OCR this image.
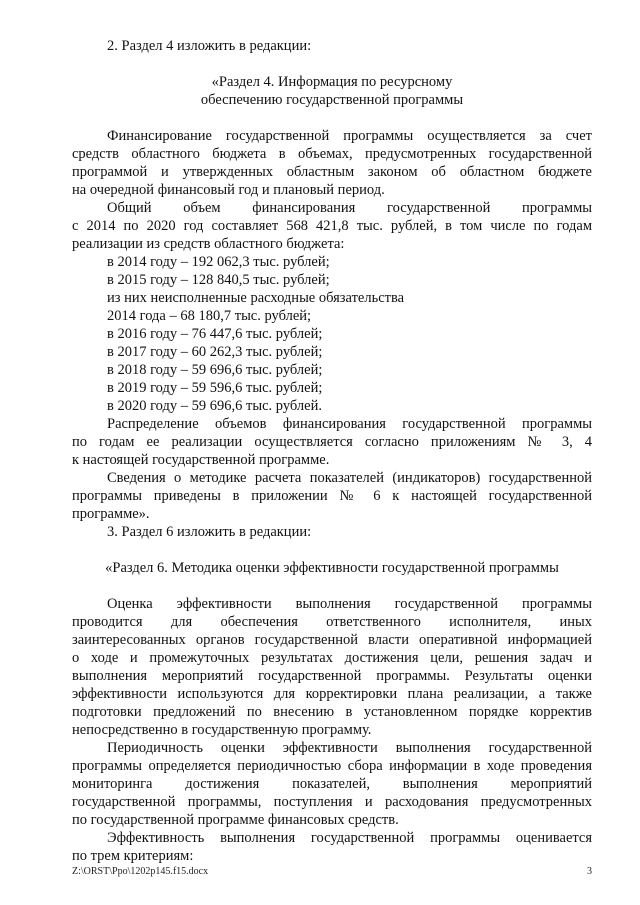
2. Раздел 4 изложить в редакции:
«Раздел 4. Информация по ресурсному
обеспечению государственной программы
Финансирование государственной программы осуществляется за счет
средств областного бюджета в объемах, предусмотренных государственной
программой и утвержденных областным законом об областном бюджете
на очередной финансовый год и плановый период.
Общий объем финансирования государственной программы
с 2014 по 2020 год составляет 568 421,8 тыс. рублей, в том числе по годам
реализации из средств областного бюджета:
в 2014 году – 192 062,3 тыс. рублей;
в 2015 году – 128 840,5 тыс. рублей;
из них неисполненные расходные обязательства
2014 года – 68 180,7 тыс. рублей;
в 2016 году – 76 447,6 тыс. рублей;
в 2017 году – 60 262,3 тыс. рублей;
в 2018 году – 59 696,6 тыс. рублей;
в 2019 году – 59 596,6 тыс. рублей;
в 2020 году – 59 696,6 тыс. рублей.
Распределение объемов финансирования государственной программы
по годам ее реализации осуществляется согласно приложениям № 3, 4
к настоящей государственной программе.
Сведения о методике расчета показателей (индикаторов) государственной
программы приведены в приложении № 6 к настоящей государственной
программе».
3. Раздел 6 изложить в редакции:
«Раздел 6. Методика оценки эффективности государственной программы
Оценка эффективности выполнения государственной программы
проводится для обеспечения ответственного исполнителя, иных
заинтересованных органов государственной власти оперативной информацией
о ходе и промежуточных результатах достижения цели, решения задач и
выполнения мероприятий государственной программы. Результаты оценки
эффективности используются для корректировки плана реализации, а также
подготовки предложений по внесению в установленном порядке корректив
непосредственно в государственную программу.
Периодичность оценки эффективности выполнения государственной
программы определяется периодичностью сбора информации в ходе проведения
мониторинга достижения показателей, выполнения мероприятий
государственной программы, поступления и расходования предусмотренных
по государственной программе финансовых средств.
Эффективность выполнения государственной программы оценивается
по трем критериям:
Z:\ORST\Ppo\1202p145.f15.docx	3
